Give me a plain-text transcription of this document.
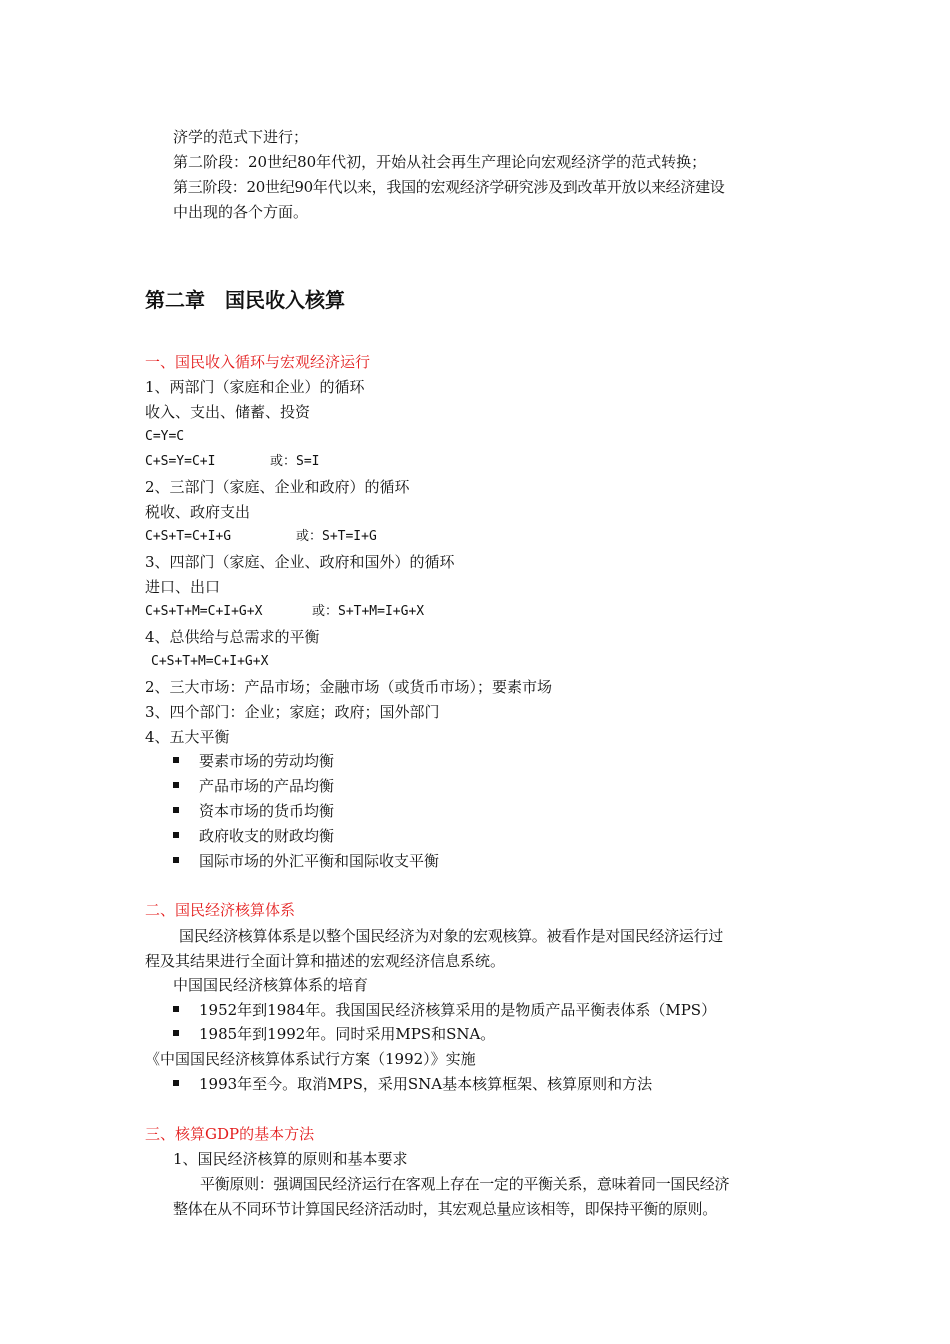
济学的范式下进行；
第二阶段：20世纪80年代初，开始从社会再生产理论向宏观经济学的范式转换；
第三阶段：20世纪90年代以来，我国的宏观经济学研究涉及到改革开放以来经济建设
中出现的各个方面。
第二章　国民收入核算
一、国民收入循环与宏观经济运行
1、两部门（家庭和企业）的循环
收入、支出、储蓄、投资
C=Y=C
C+S=Y=C+I	或：S=I
2、三部门（家庭、企业和政府）的循环
税收、政府支出
C+S+T=C+I+G	或：S+T=I+G
3、四部门（家庭、企业、政府和国外）的循环
进口、出口
C+S+T+M=C+I+G+X	或：S+T+M=I+G+X
4、总供给与总需求的平衡
C+S+T+M=C+I+G+X
2、三大市场：产品市场；金融市场（或货币市场）；要素市场
3、四个部门：企业；家庭；政府；国外部门
4、五大平衡
要素市场的劳动均衡
产品市场的产品均衡
资本市场的货币均衡
政府收支的财政均衡
国际市场的外汇平衡和国际收支平衡
二、国民经济核算体系
国民经济核算体系是以整个国民经济为对象的宏观核算。被看作是对国民经济运行过
程及其结果进行全面计算和描述的宏观经济信息系统。
中国国民经济核算体系的培育
1952年到1984年。我国国民经济核算采用的是物质产品平衡表体系（MPS）
1985年到1992年。同时采用MPS和SNA。
《中国国民经济核算体系试行方案（1992）》实施
1993年至今。取消MPS，采用SNA基本核算框架、核算原则和方法
三、核算GDP的基本方法
1、国民经济核算的原则和基本要求
平衡原则：强调国民经济运行在客观上存在一定的平衡关系，意味着同一国民经济
整体在从不同环节计算国民经济活动时，其宏观总量应该相等，即保持平衡的原则。
